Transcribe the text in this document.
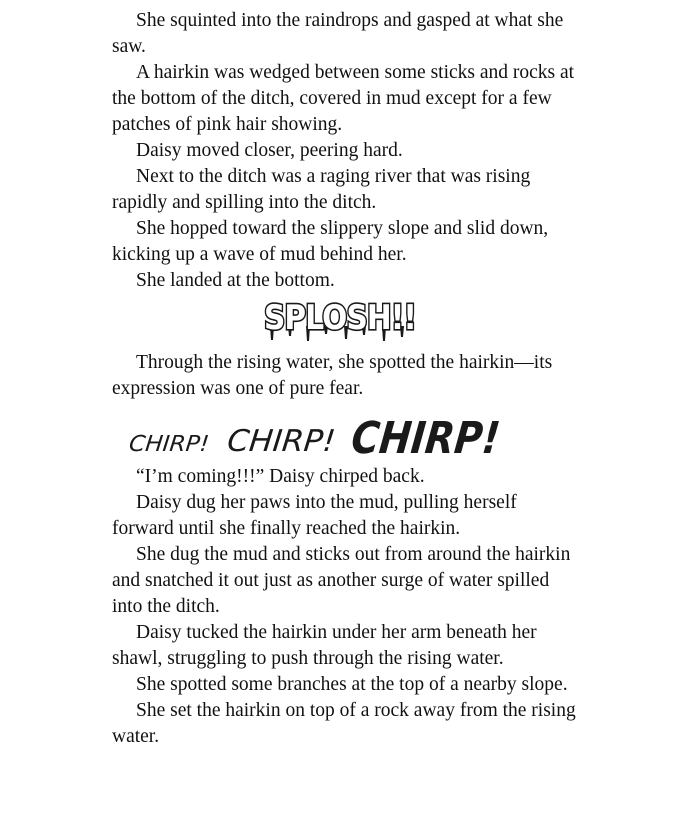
She squinted into the raindrops and gasped at what she saw.

A hairkin was wedged between some sticks and rocks at the bottom of the ditch, covered in mud except for a few patches of pink hair showing.

Daisy moved closer, peering hard.

Next to the ditch was a raging river that was rising rapidly and spilling into the ditch.

She hopped toward the slippery slope and slid down, kicking up a wave of mud behind her.

She landed at the bottom.

SPLOSH!!

Through the rising water, she spotted the hairkin—its expression was one of pure fear.

CHIRP! CHIRP! CHIRP!

“I’m coming!!!” Daisy chirped back.

Daisy dug her paws into the mud, pulling herself forward until she finally reached the hairkin.

She dug the mud and sticks out from around the hairkin and snatched it out just as another surge of water spilled into the ditch.

Daisy tucked the hairkin under her arm beneath her shawl, struggling to push through the rising water.

She spotted some branches at the top of a nearby slope.

She set the hairkin on top of a rock away from the rising water.
